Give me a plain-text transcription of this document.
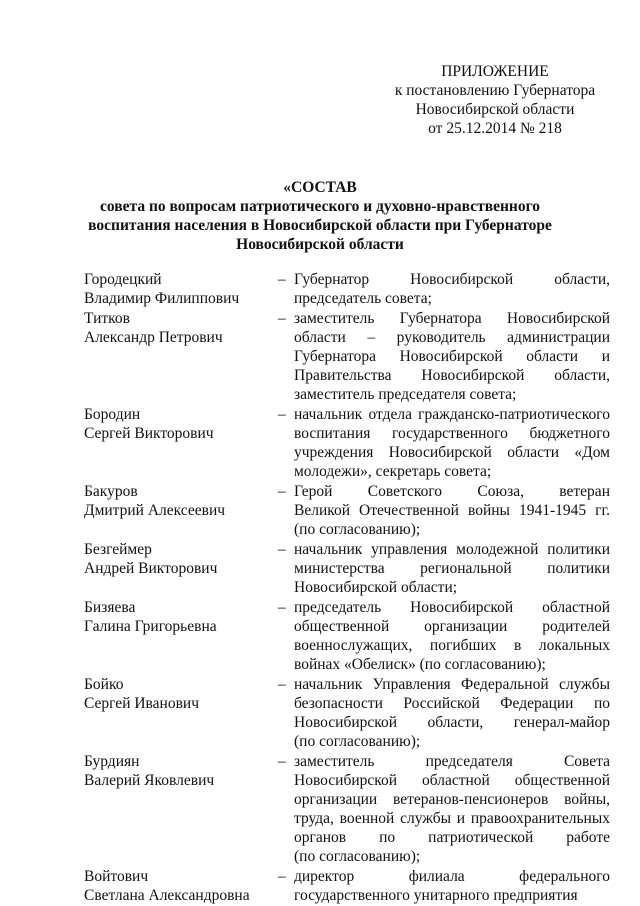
ПРИЛОЖЕНИЕ
к постановлению Губернатора
Новосибирской области
от 25.12.2014 № 218
«СОСТАВ
совета по вопросам патриотического и духовно-нравственного
воспитания населения в Новосибирской области при Губернаторе
Новосибирской области
Городецкий
Владимир Филиппович
– Губернатор Новосибирской области,
председатель совета;
Титков
Александр Петрович
– заместитель Губернатора Новосибирской
области – руководитель администрации
Губернатора Новосибирской области и
Правительства Новосибирской области,
заместитель председателя совета;
Бородин
Сергей Викторович
– начальник отдела гражданско-патриотического
воспитания государственного бюджетного
учреждения Новосибирской области «Дом
молодежи», секретарь совета;
Бакуров
Дмитрий Алексеевич
– Герой Советского Союза, ветеран
Великой Отечественной войны 1941-1945 гг.
(по согласованию);
Безгеймер
Андрей Викторович
– начальник управления молодежной политики
министерства региональной политики
Новосибирской области;
Бизяева
Галина Григорьевна
– председатель Новосибирской областной
общественной организации родителей
военнослужащих, погибших в локальных
войнах «Обелиск» (по согласованию);
Бойко
Сергей Иванович
– начальник Управления Федеральной службы
безопасности Российской Федерации по
Новосибирской области, генерал-майор
(по согласованию);
Бурдиян
Валерий Яковлевич
– заместитель председателя Совета
Новосибирской областной общественной
организации ветеранов-пенсионеров войны,
труда, военной службы и правоохранительных
органов по патриотической работе
(по согласованию);
Войтович
Светлана Александровна
– директор филиала федерального
государственного унитарного предприятия
